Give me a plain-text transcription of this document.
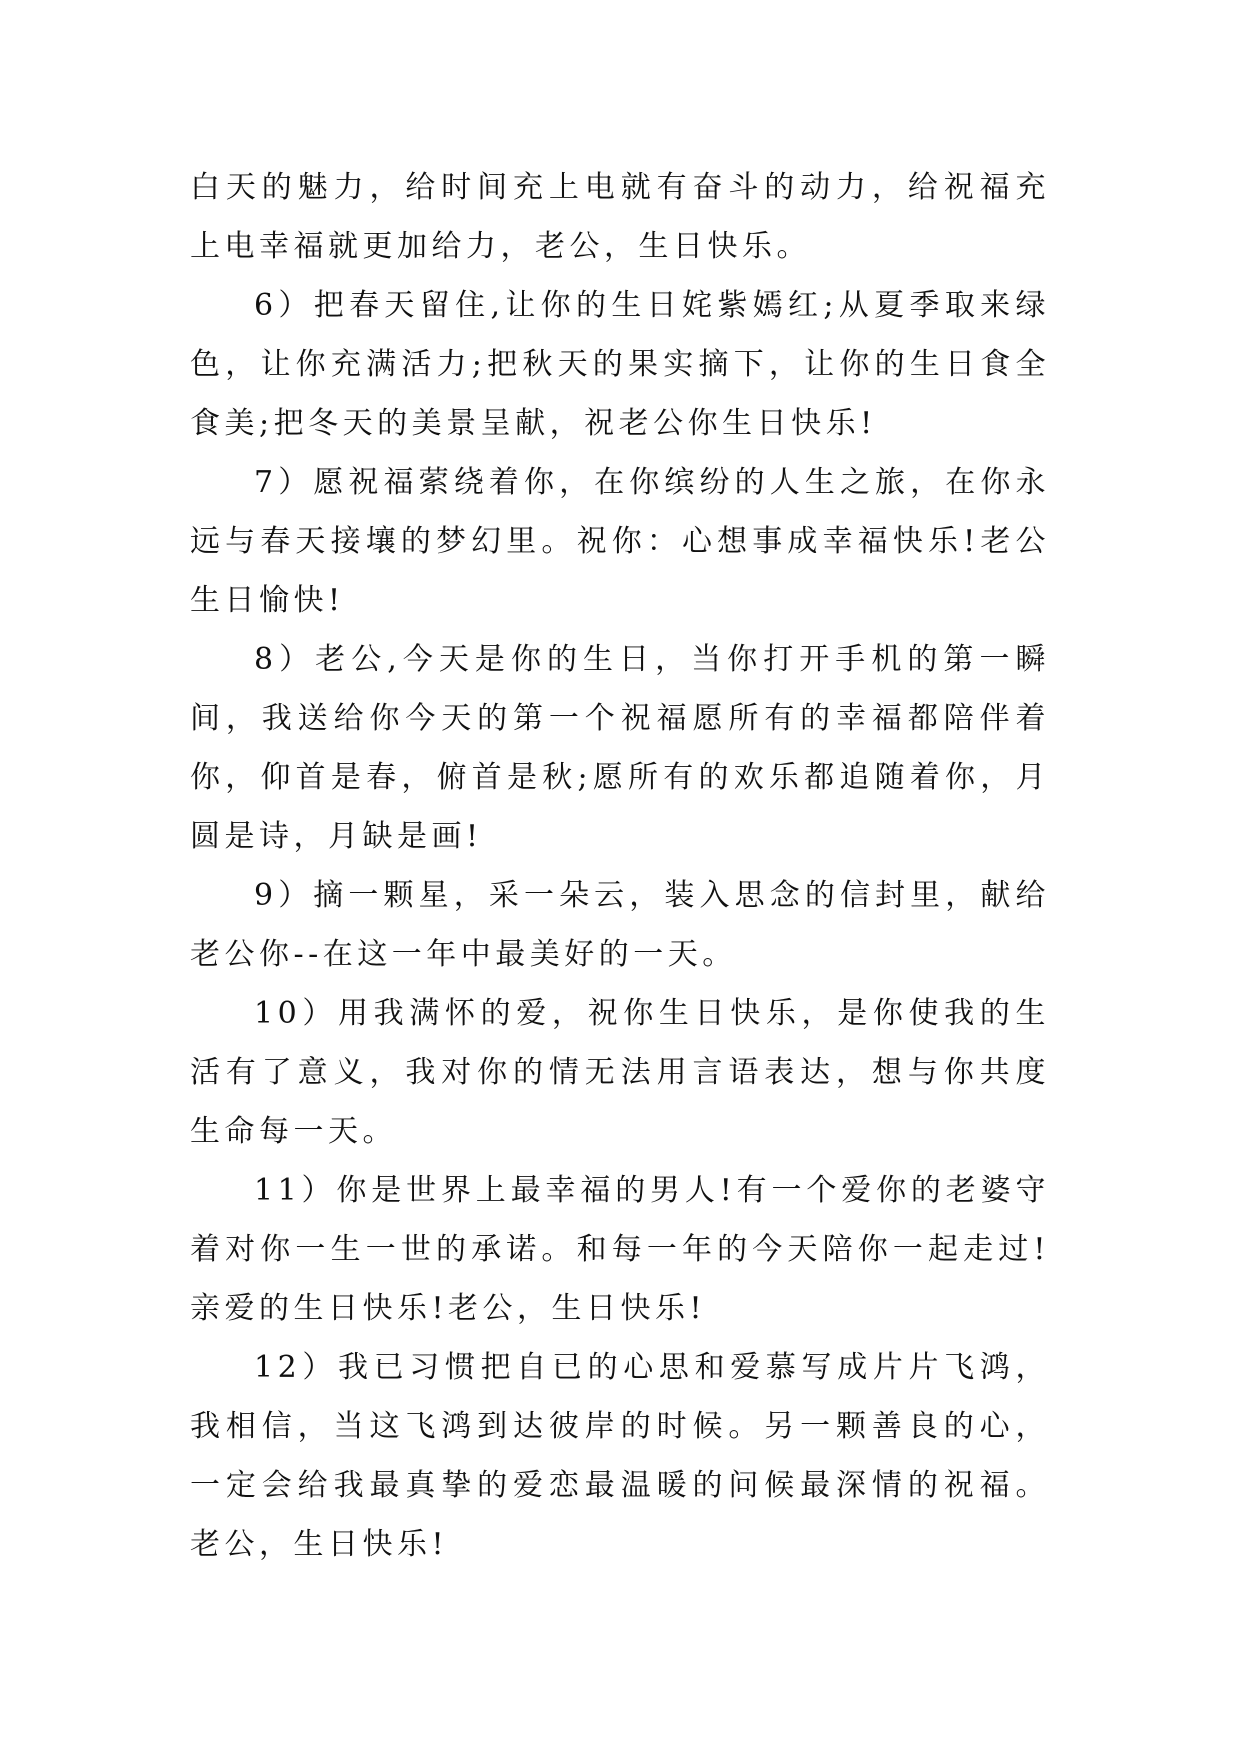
白天的魅力，给时间充上电就有奋斗的动力，给祝福充上电幸福就更加给力，老公，生日快乐。

6）把春天留住,让你的生日姹紫嫣红;从夏季取来绿色，让你充满活力;把秋天的果实摘下，让你的生日食全食美;把冬天的美景呈献，祝老公你生日快乐!

7）愿祝福萦绕着你，在你缤纷的人生之旅，在你永远与春天接壤的梦幻里。祝你：心想事成幸福快乐!老公生日愉快!

8）老公,今天是你的生日，当你打开手机的第一瞬间，我送给你今天的第一个祝福愿所有的幸福都陪伴着你，仰首是春，俯首是秋;愿所有的欢乐都追随着你，月圆是诗，月缺是画!

9）摘一颗星，采一朵云，装入思念的信封里，献给老公你--在这一年中最美好的一天。

10）用我满怀的爱，祝你生日快乐，是你使我的生活有了意义，我对你的情无法用言语表达，想与你共度生命每一天。

11）你是世界上最幸福的男人!有一个爱你的老婆守着对你一生一世的承诺。和每一年的今天陪你一起走过!亲爱的生日快乐!老公，生日快乐!

12）我已习惯把自已的心思和爱慕写成片片飞鸿，我相信，当这飞鸿到达彼岸的时候。另一颗善良的心，一定会给我最真挚的爱恋最温暖的问候最深情的祝福。老公，生日快乐!
